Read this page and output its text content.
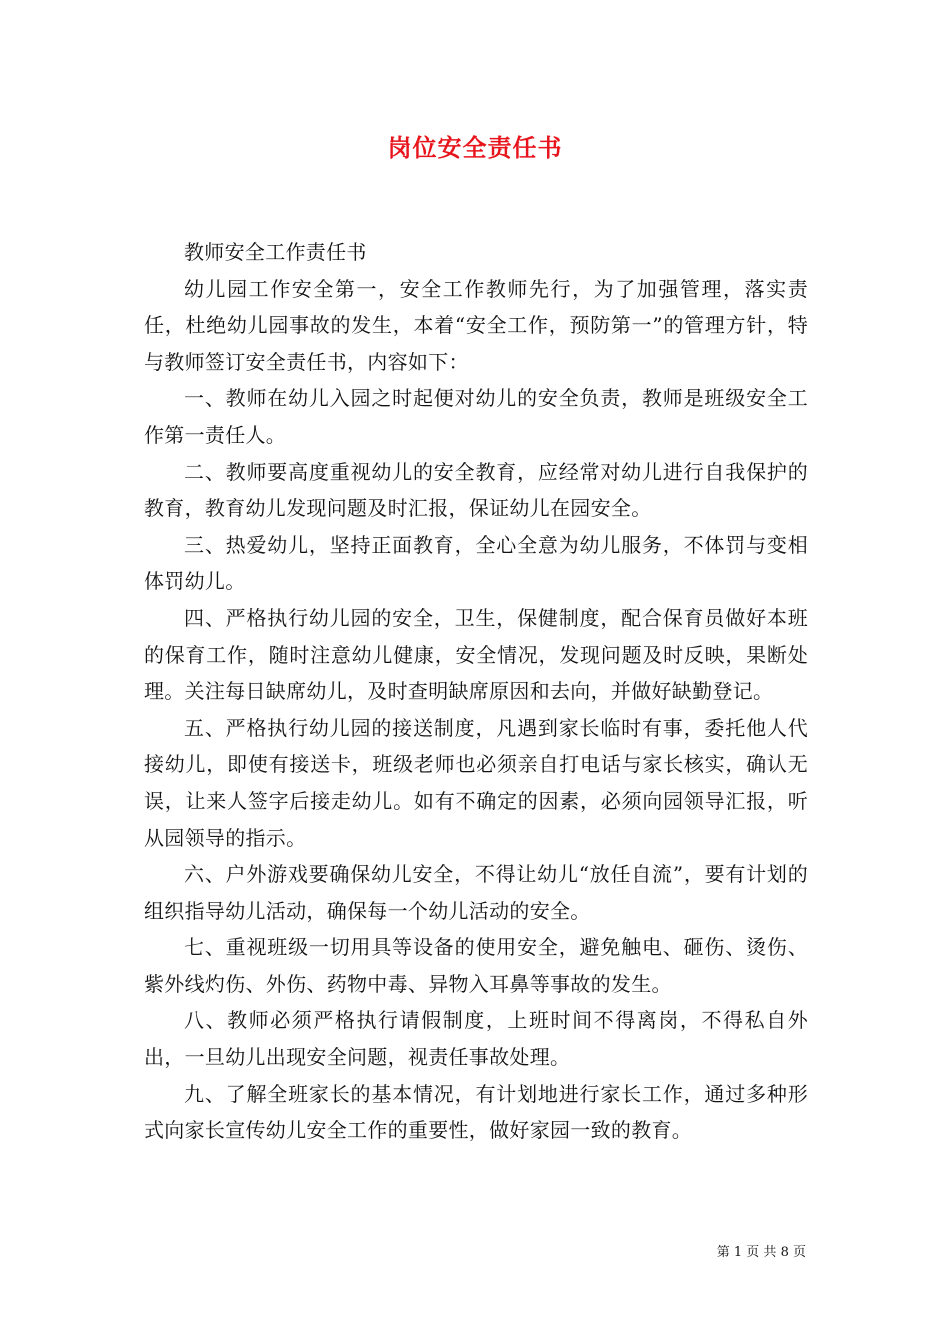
岗位安全责任书

教师安全工作责任书

幼儿园工作安全第一，安全工作教师先行，为了加强管理，落实责任，杜绝幼儿园事故的发生，本着“安全工作，预防第一”的管理方针，特与教师签订安全责任书，内容如下：

一、教师在幼儿入园之时起便对幼儿的安全负责，教师是班级安全工作第一责任人。

二、教师要高度重视幼儿的安全教育，应经常对幼儿进行自我保护的教育，教育幼儿发现问题及时汇报，保证幼儿在园安全。

三、热爱幼儿，坚持正面教育，全心全意为幼儿服务，不体罚与变相体罚幼儿。

四、严格执行幼儿园的安全，卫生，保健制度，配合保育员做好本班的保育工作，随时注意幼儿健康，安全情况，发现问题及时反映，果断处理。关注每日缺席幼儿，及时查明缺席原因和去向，并做好缺勤登记。

五、严格执行幼儿园的接送制度，凡遇到家长临时有事，委托他人代接幼儿，即使有接送卡，班级老师也必须亲自打电话与家长核实，确认无误，让来人签字后接走幼儿。如有不确定的因素，必须向园领导汇报，听从园领导的指示。

六、户外游戏要确保幼儿安全，不得让幼儿“放任自流”，要有计划的组织指导幼儿活动，确保每一个幼儿活动的安全。

七、重视班级一切用具等设备的使用安全，避免触电、砸伤、烫伤、紫外线灼伤、外伤、药物中毒、异物入耳鼻等事故的发生。

八、教师必须严格执行请假制度，上班时间不得离岗，不得私自外出，一旦幼儿出现安全问题，视责任事故处理。

九、了解全班家长的基本情况，有计划地进行家长工作，通过多种形式向家长宣传幼儿安全工作的重要性，做好家园一致的教育。

第 1 页 共 8 页
